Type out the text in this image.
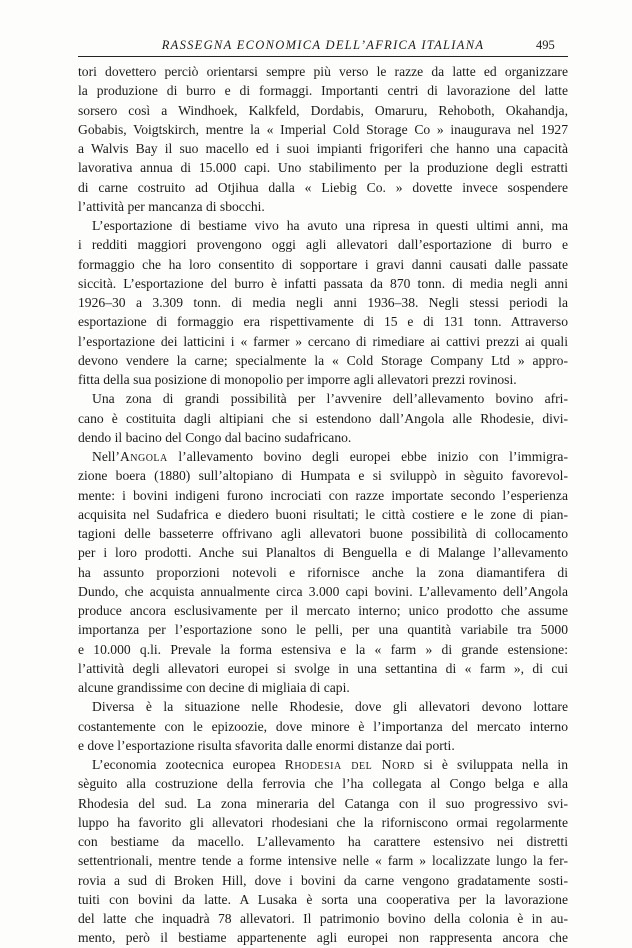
RASSEGNA ECONOMICA DELL’AFRICA ITALIANA	495
tori dovettero perciò orientarsi sempre più verso le razze da latte ed organizzare
la produzione di burro e di formaggi. Importanti centri di lavorazione del latte
sorsero così a Windhoek, Kalkfeld, Dordabis, Omaruru, Rehoboth, Okahandja,
Gobabis, Voigtskirch, mentre la « Imperial Cold Storage Co » inaugurava nel 1927
a Walvis Bay il suo macello ed i suoi impianti frigoriferi che hanno una capacità
lavorativa annua di 15.000 capi. Uno stabilimento per la produzione degli estratti
di carne costruito ad Otjihua dalla « Liebig Co. » dovette invece sospendere
l’attività per mancanza di sbocchi.
L’esportazione di bestiame vivo ha avuto una ripresa in questi ultimi anni, ma
i redditi maggiori provengono oggi agli allevatori dall’esportazione di burro e
formaggio che ha loro consentito di sopportare i gravi danni causati dalle passate
siccità. L’esportazione del burro è infatti passata da 870 tonn. di media negli anni
1926–30 a 3.309 tonn. di media negli anni 1936–38. Negli stessi periodi la
esportazione di formaggio era rispettivamente di 15 e di 131 tonn. Attraverso
l’esportazione dei latticini i « farmer » cercano di rimediare ai cattivi prezzi ai quali
devono vendere la carne; specialmente la « Cold Storage Company Ltd » appro-
fitta della sua posizione di monopolio per imporre agli allevatori prezzi rovinosi.
Una zona di grandi possibilità per l’avvenire dell’allevamento bovino afri-
cano è costituita dagli altipiani che si estendono dall’Angola alle Rhodesie, divi-
dendo il bacino del Congo dal bacino sudafricano.
Nell’Angola l’allevamento bovino degli europei ebbe inizio con l’immigra-
zione boera (1880) sull’altopiano di Humpata e si sviluppò in sèguito favorevol-
mente: i bovini indigeni furono incrociati con razze importate secondo l’esperienza
acquisita nel Sudafrica e diedero buoni risultati; le città costiere e le zone di pian-
tagioni delle basseterre offrivano agli allevatori buone possibilità di collocamento
per i loro prodotti. Anche sui Planaltos di Benguella e di Malange l’allevamento
ha assunto proporzioni notevoli e rifornisce anche la zona diamantifera di
Dundo, che acquista annualmente circa 3.000 capi bovini. L’allevamento dell’Angola
produce ancora esclusivamente per il mercato interno; unico prodotto che assume
importanza per l’esportazione sono le pelli, per una quantità variabile tra 5000
e 10.000 q.li. Prevale la forma estensiva e la « farm » di grande estensione:
l’attività degli allevatori europei si svolge in una settantina di « farm », di cui
alcune grandissime con decine di migliaia di capi.
Diversa è la situazione nelle Rhodesie, dove gli allevatori devono lottare
costantemente con le epizoozie, dove minore è l’importanza del mercato interno
e dove l’esportazione risulta sfavorita dalle enormi distanze dai porti.
L’economia zootecnica europea Rhodesia del Nord si è sviluppata nella in
sèguito alla costruzione della ferrovia che l’ha collegata al Congo belga e alla
Rhodesia del sud. La zona mineraria del Catanga con il suo progressivo svi-
luppo ha favorito gli allevatori rhodesiani che la riforniscono ormai regolarmente
con bestiame da macello. L’allevamento ha carattere estensivo nei distretti
settentrionali, mentre tende a forme intensive nelle « farm » localizzate lungo la fer-
rovia a sud di Broken Hill, dove i bovini da carne vengono gradatamente sosti-
tuiti con bovini da latte. A Lusaka è sorta una cooperativa per la lavorazione
del latte che inquadrà 78 allevatori. Il patrimonio bovino della colonia è in au-
mento, però il bestiame appartenente agli europei non rappresenta ancora che
